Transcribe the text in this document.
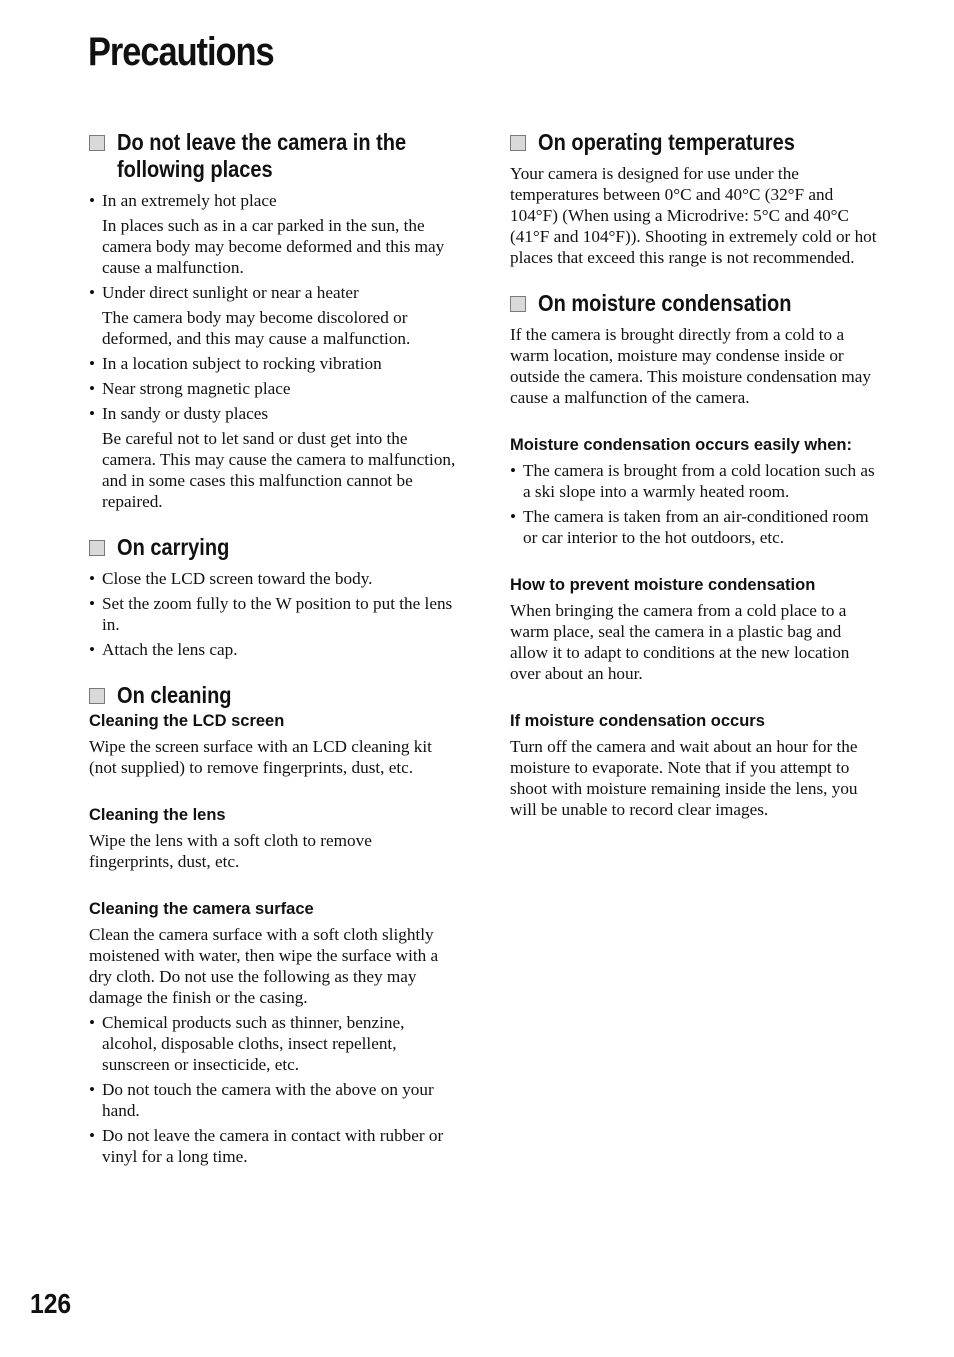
Precautions
Do not leave the camera in the following places
• In an extremely hot place
In places such as in a car parked in the sun, the camera body may become deformed and this may cause a malfunction.
• Under direct sunlight or near a heater
The camera body may become discolored or deformed, and this may cause a malfunction.
• In a location subject to rocking vibration
• Near strong magnetic place
• In sandy or dusty places
Be careful not to let sand or dust get into the camera. This may cause the camera to malfunction, and in some cases this malfunction cannot be repaired.
On carrying
• Close the LCD screen toward the body.
• Set the zoom fully to the W position to put the lens in.
• Attach the lens cap.
On cleaning
Cleaning the LCD screen

Wipe the screen surface with an LCD cleaning kit (not supplied) to remove fingerprints, dust, etc.

Cleaning the lens

Wipe the lens with a soft cloth to remove fingerprints, dust, etc.

Cleaning the camera surface

Clean the camera surface with a soft cloth slightly moistened with water, then wipe the surface with a dry cloth. Do not use the following as they may damage the finish or the casing.

• Chemical products such as thinner, benzine, alcohol, disposable cloths, insect repellent, sunscreen or insecticide, etc.
• Do not touch the camera with the above on your hand.
• Do not leave the camera in contact with rubber or vinyl for a long time.
On operating temperatures

Your camera is designed for use under the temperatures between 0°C and 40°C (32°F and 104°F) (When using a Microdrive: 5°C and 40°C (41°F and 104°F)). Shooting in extremely cold or hot places that exceed this range is not recommended.

On moisture condensation

If the camera is brought directly from a cold to a warm location, moisture may condense inside or outside the camera. This moisture condensation may cause a malfunction of the camera.

Moisture condensation occurs easily when:
• The camera is brought from a cold location such as a ski slope into a warmly heated room.
• The camera is taken from an air-conditioned room or car interior to the hot outdoors, etc.
How to prevent moisture condensation

When bringing the camera from a cold place to a warm place, seal the camera in a plastic bag and allow it to adapt to conditions at the new location over about an hour.

If moisture condensation occurs

Turn off the camera and wait about an hour for the moisture to evaporate. Note that if you attempt to shoot with moisture remaining inside the lens, you will be unable to record clear images.

126
